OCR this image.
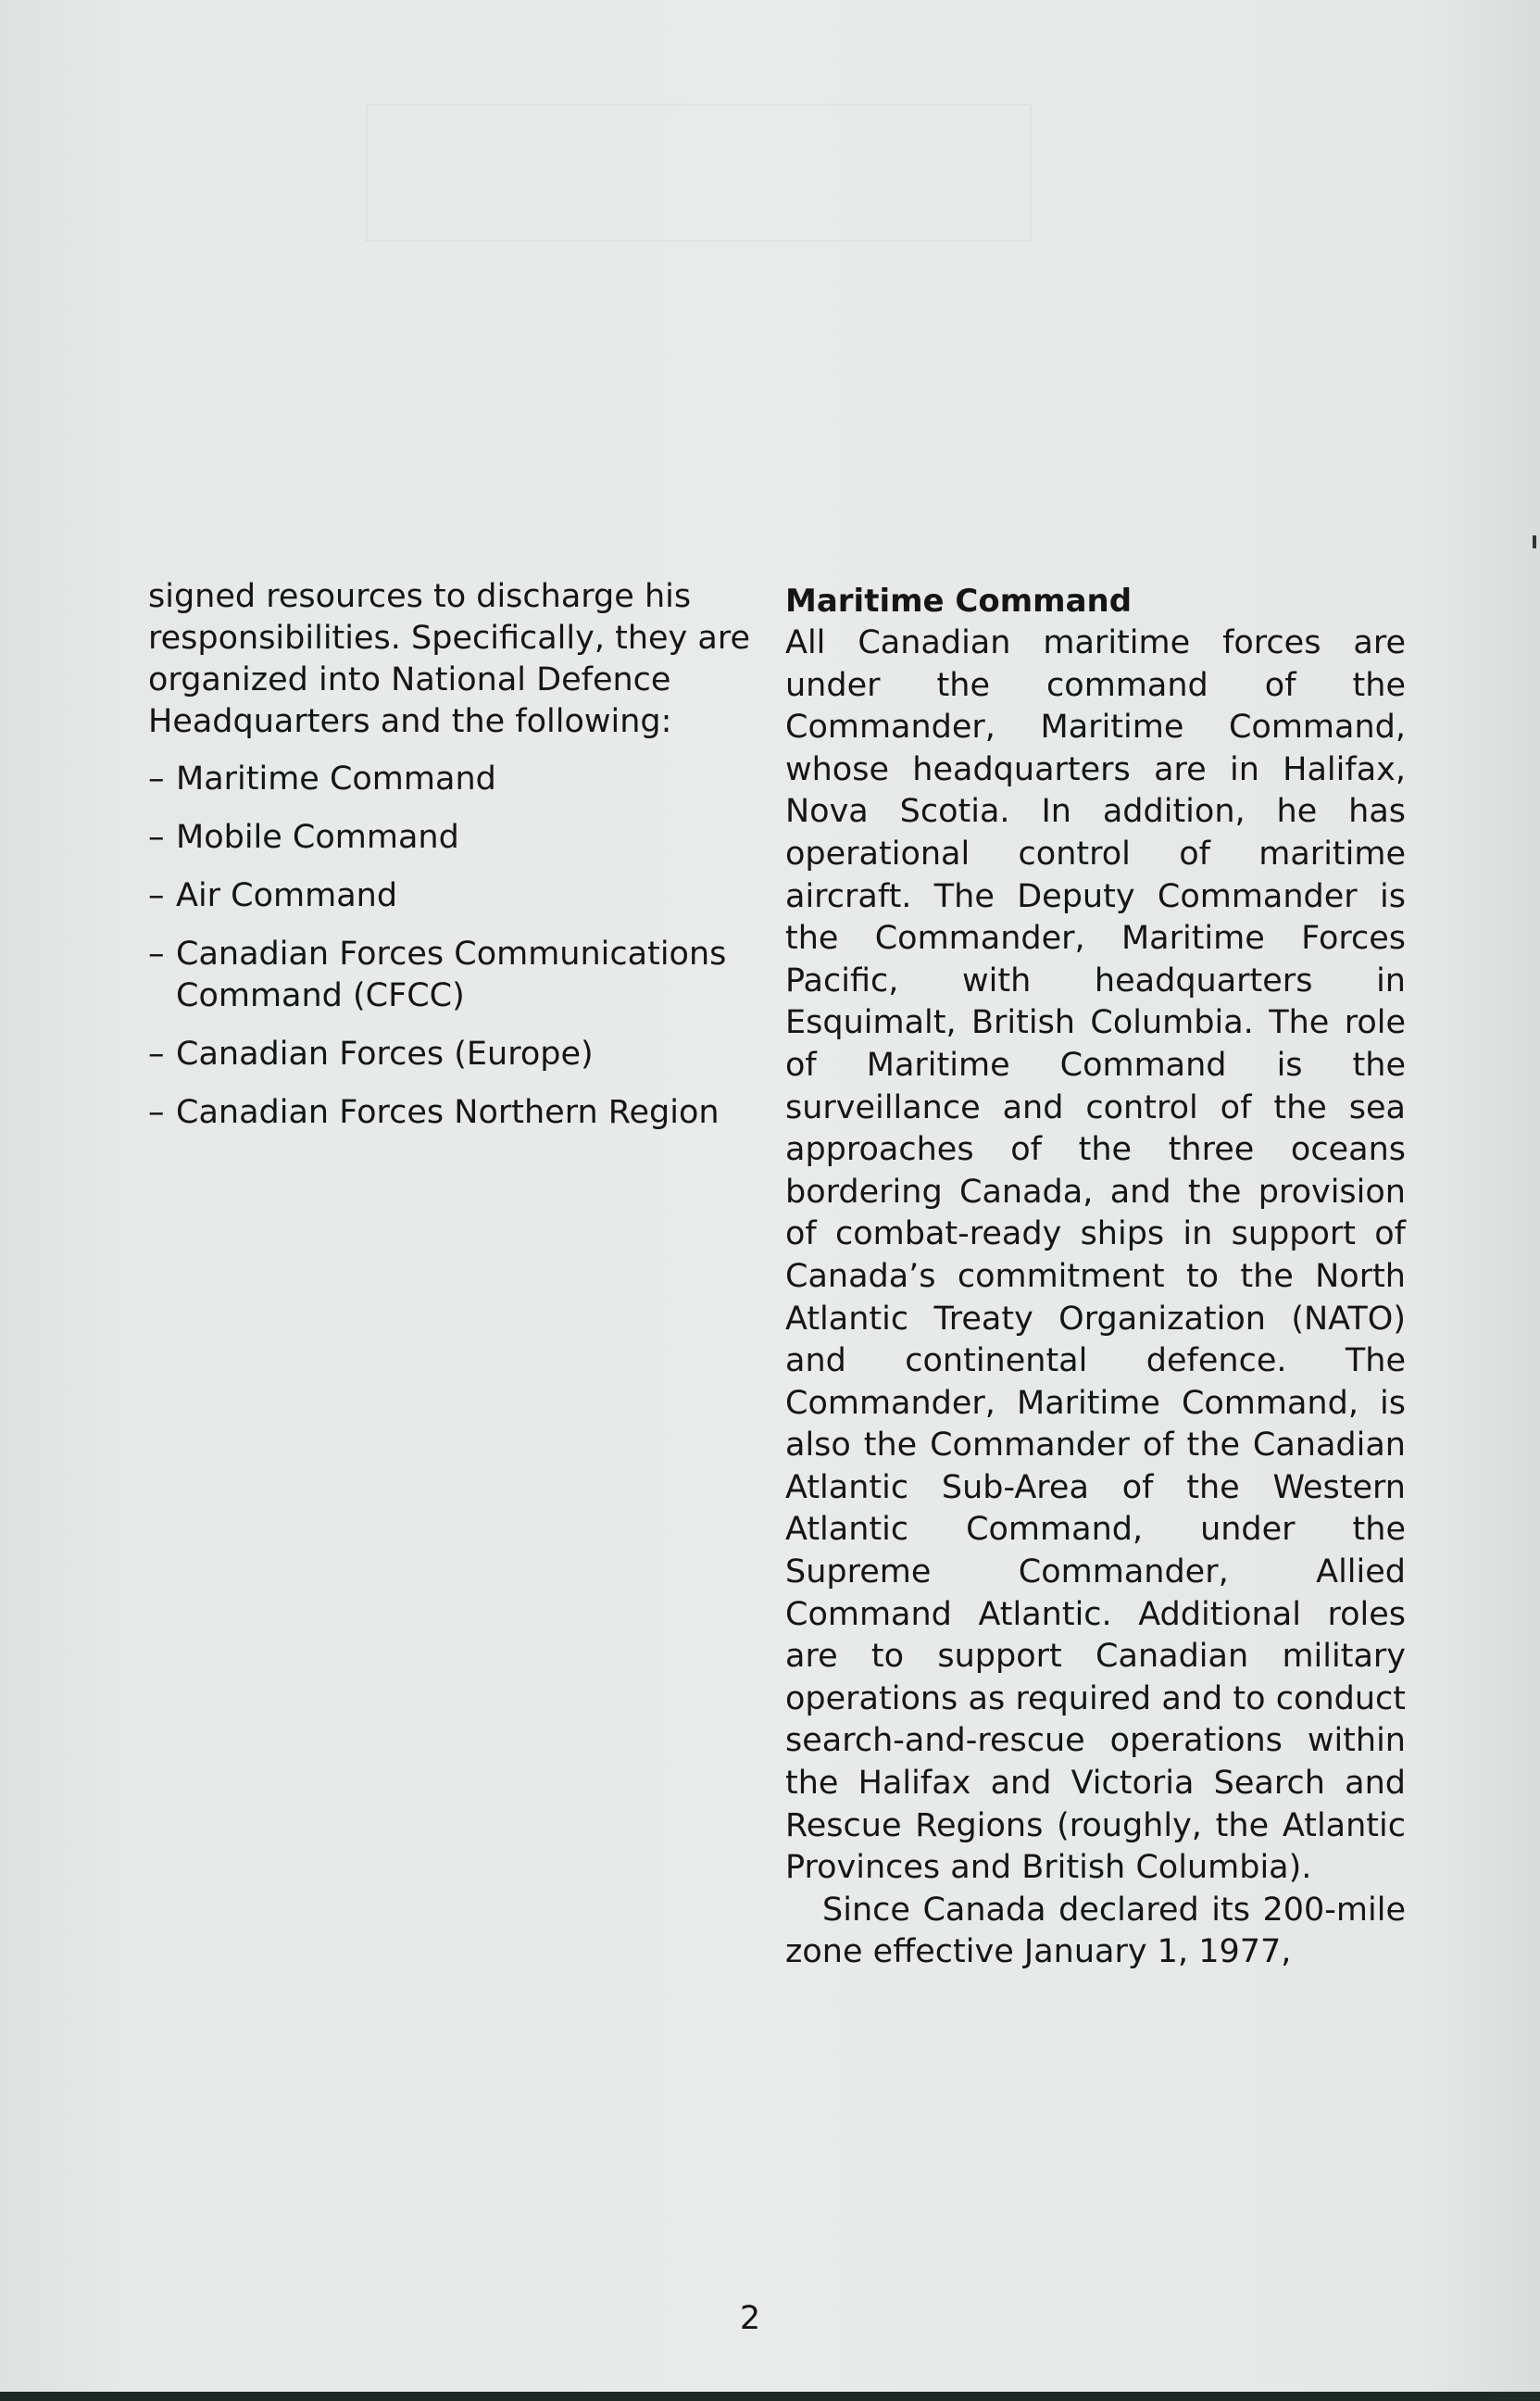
signed resources to discharge his responsibilities. Specifically, they are organized into National Defence Headquarters and the following:

– Maritime Command
– Mobile Command
– Air Command
– Canadian Forces Communications Command (CFCC)
– Canadian Forces (Europe)
– Canadian Forces Northern Region
Maritime Command

All Canadian maritime forces are under the command of the Commander, Maritime Command, whose headquarters are in Halifax, Nova Scotia. In addition, he has operational control of maritime aircraft. The Deputy Commander is the Commander, Maritime Forces Pacific, with headquarters in Esquimalt, British Columbia. The role of Maritime Command is the surveillance and control of the sea approaches of the three oceans bordering Canada, and the provision of combat-ready ships in support of Canada’s commitment to the North Atlantic Treaty Organization (NATO) and continental defence. The Commander, Maritime Command, is also the Commander of the Canadian Atlantic Sub-Area of the Western Atlantic Command, under the Supreme Commander, Allied Command Atlantic. Additional roles are to support Canadian military operations as required and to conduct search-and-rescue operations within the Halifax and Victoria Search and Rescue Regions (roughly, the Atlantic Provinces and British Columbia).

Since Canada declared its 200-mile zone effective January 1, 1977,

2
